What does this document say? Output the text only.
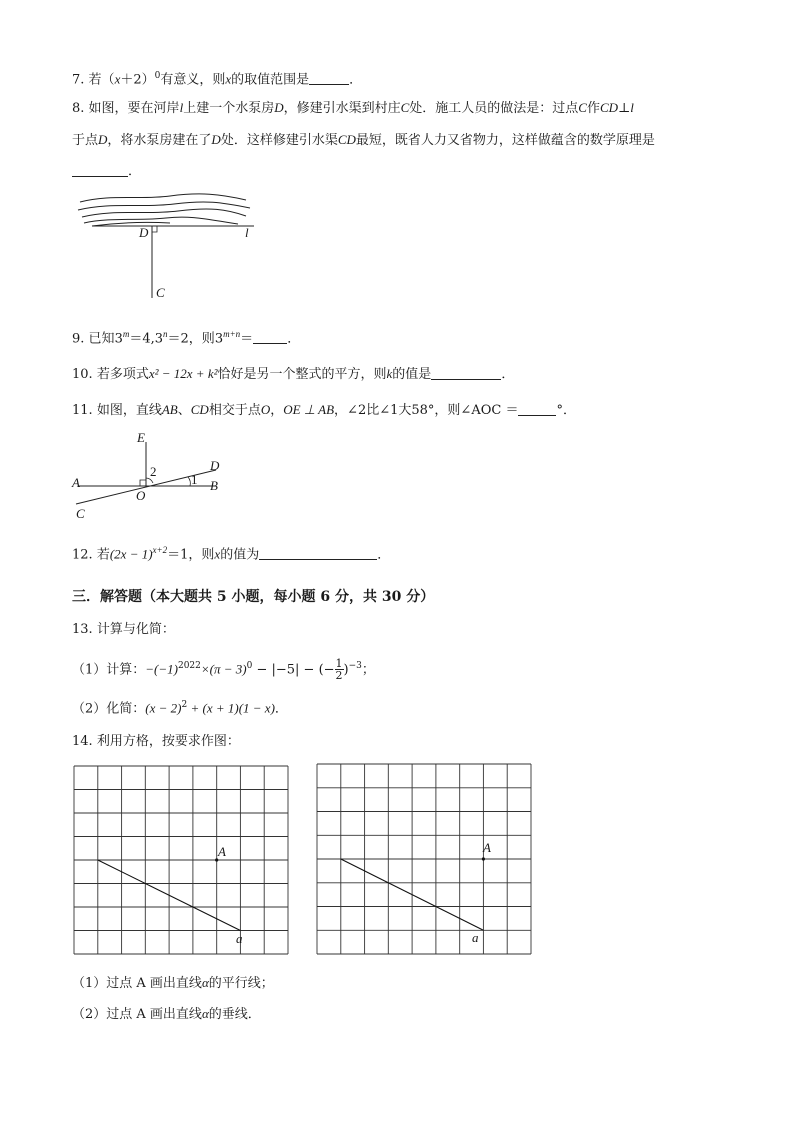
7. 若$(x+2)^0$有意义，则x的取值范围是	．
8. 如图，要在河岸l上建一个水泵房D，修建引水渠到村庄C处．施工人员的做法是：过点C作CD⊥l
于点D，将水泵房建在了D处．这样修建引水渠CD最短，既省人力又省物力，这样做蕴含的数学原理是
．
D	l
C
9. 已知$3^m=4,3^n=2$，则$3^{m+n}=$	．
10. 若多项式x² − 12x + k²恰好是另一个整式的平方，则k的值是	．
11. 如图，直线AB、CD相交于点O，OE ⊥ AB，∠2比∠1大58°，则∠AOC ＝	°．
E
2	D
A	1 B
O
C
12. 若$(2x - 1)^{x+2}=1$，则x的值为	．
三．解答题（本大题共 5 小题，每小题 6 分，共 30 分）
13. 计算与化简：
（1）计算：$-(-1)^{2022}\times(\pi - 3)^0 - |-5|$ − (− $\frac{1}{2} )^{-3}$；
（2）化简：$(x - 2)^2 + (x + 1)(1 - x)$．
14. 利用方格，按要求作图：
A
a
A
a
（1）过点 A 画出直线α的平行线；
（2）过点 A 画出直线α的垂线．
